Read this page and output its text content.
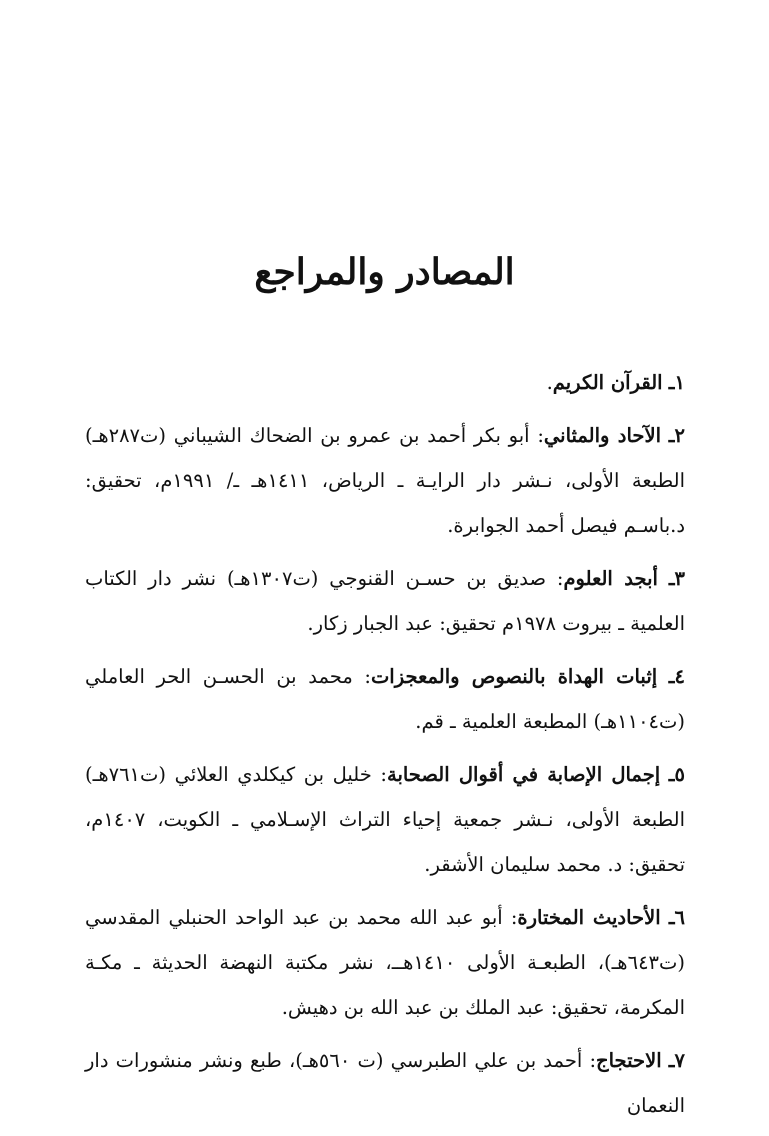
المصادر والمراجع
١ـ القرآن الكريم.
٢ـ الآحاد والمثاني: أبو بكر أحمد بن عمرو بن الضحاك الشيباني (ت٢٨٧هـ) الطبعة الأولى، نـشر دار الرايـة ـ الرياض، ١٤١١هـ ـ/ ١٩٩١م، تحقيق: د.باسـم فيصل أحمد الجوابرة.
٣ـ أبجد العلوم: صديق بن حسـن القنوجي (ت١٣٠٧هـ) نشر دار الكتاب العلمية ـ بيروت ١٩٧٨م تحقيق: عبد الجبار زكار.
٤ـ إثبات الهداة بالنصوص والمعجزات: محمد بن الحسـن الحر العاملي (ت١١٠٤هـ) المطبعة العلمية ـ قم.
٥ـ إجمال الإصابة في أقوال الصحابة: خليل بن كيكلدي العلائي (ت٧٦١هـ) الطبعة الأولى، نـشر جمعية إحياء التراث الإسـلامي ـ الكويت، ١٤٠٧م، تحقيق: د. محمد سليمان الأشقر.
٦ـ الأحاديث المختارة: أبو عبد الله محمد بن عبد الواحد الحنبلي المقدسي (ت٦٤٣هـ)، الطبعـة الأولى ١٤١٠هــ، نشر مكتبة النهضة الحديثة ـ مكـة المكرمة، تحقيق: عبد الملك بن عبد الله بن دهيش.
٧ـ الاحتجاج: أحمد بن علي الطبرسي (ت ٥٦٠هـ)، طبع ونشر منشورات دار النعمان
